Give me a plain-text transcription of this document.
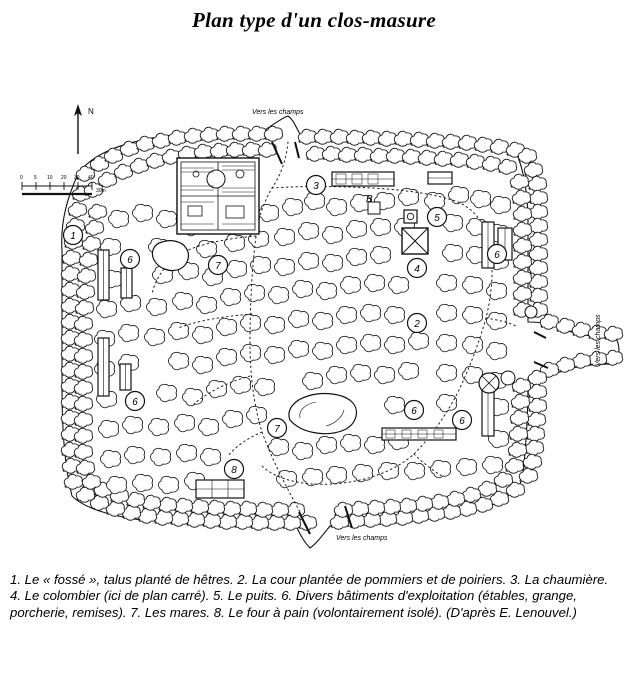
Plan type d'un clos-masure
N
0 5 10 20 30 40
30m
Vers les champs
Vers les champs
Vers les champs
B
1
2
3
4
5
6
6
6
6
6
7
7
8
1. Le « fossé », talus planté de hêtres. 2. La cour plantée de pommiers et de poiriers. 3. La chaumière. 4. Le colombier (ici de plan carré). 5. Le puits. 6. Divers bâtiments d'exploitation (étables, grange, porcherie, remises). 7. Les mares. 8. Le four à pain (volontairement isolé). (D'après E. Lenouvel.)
